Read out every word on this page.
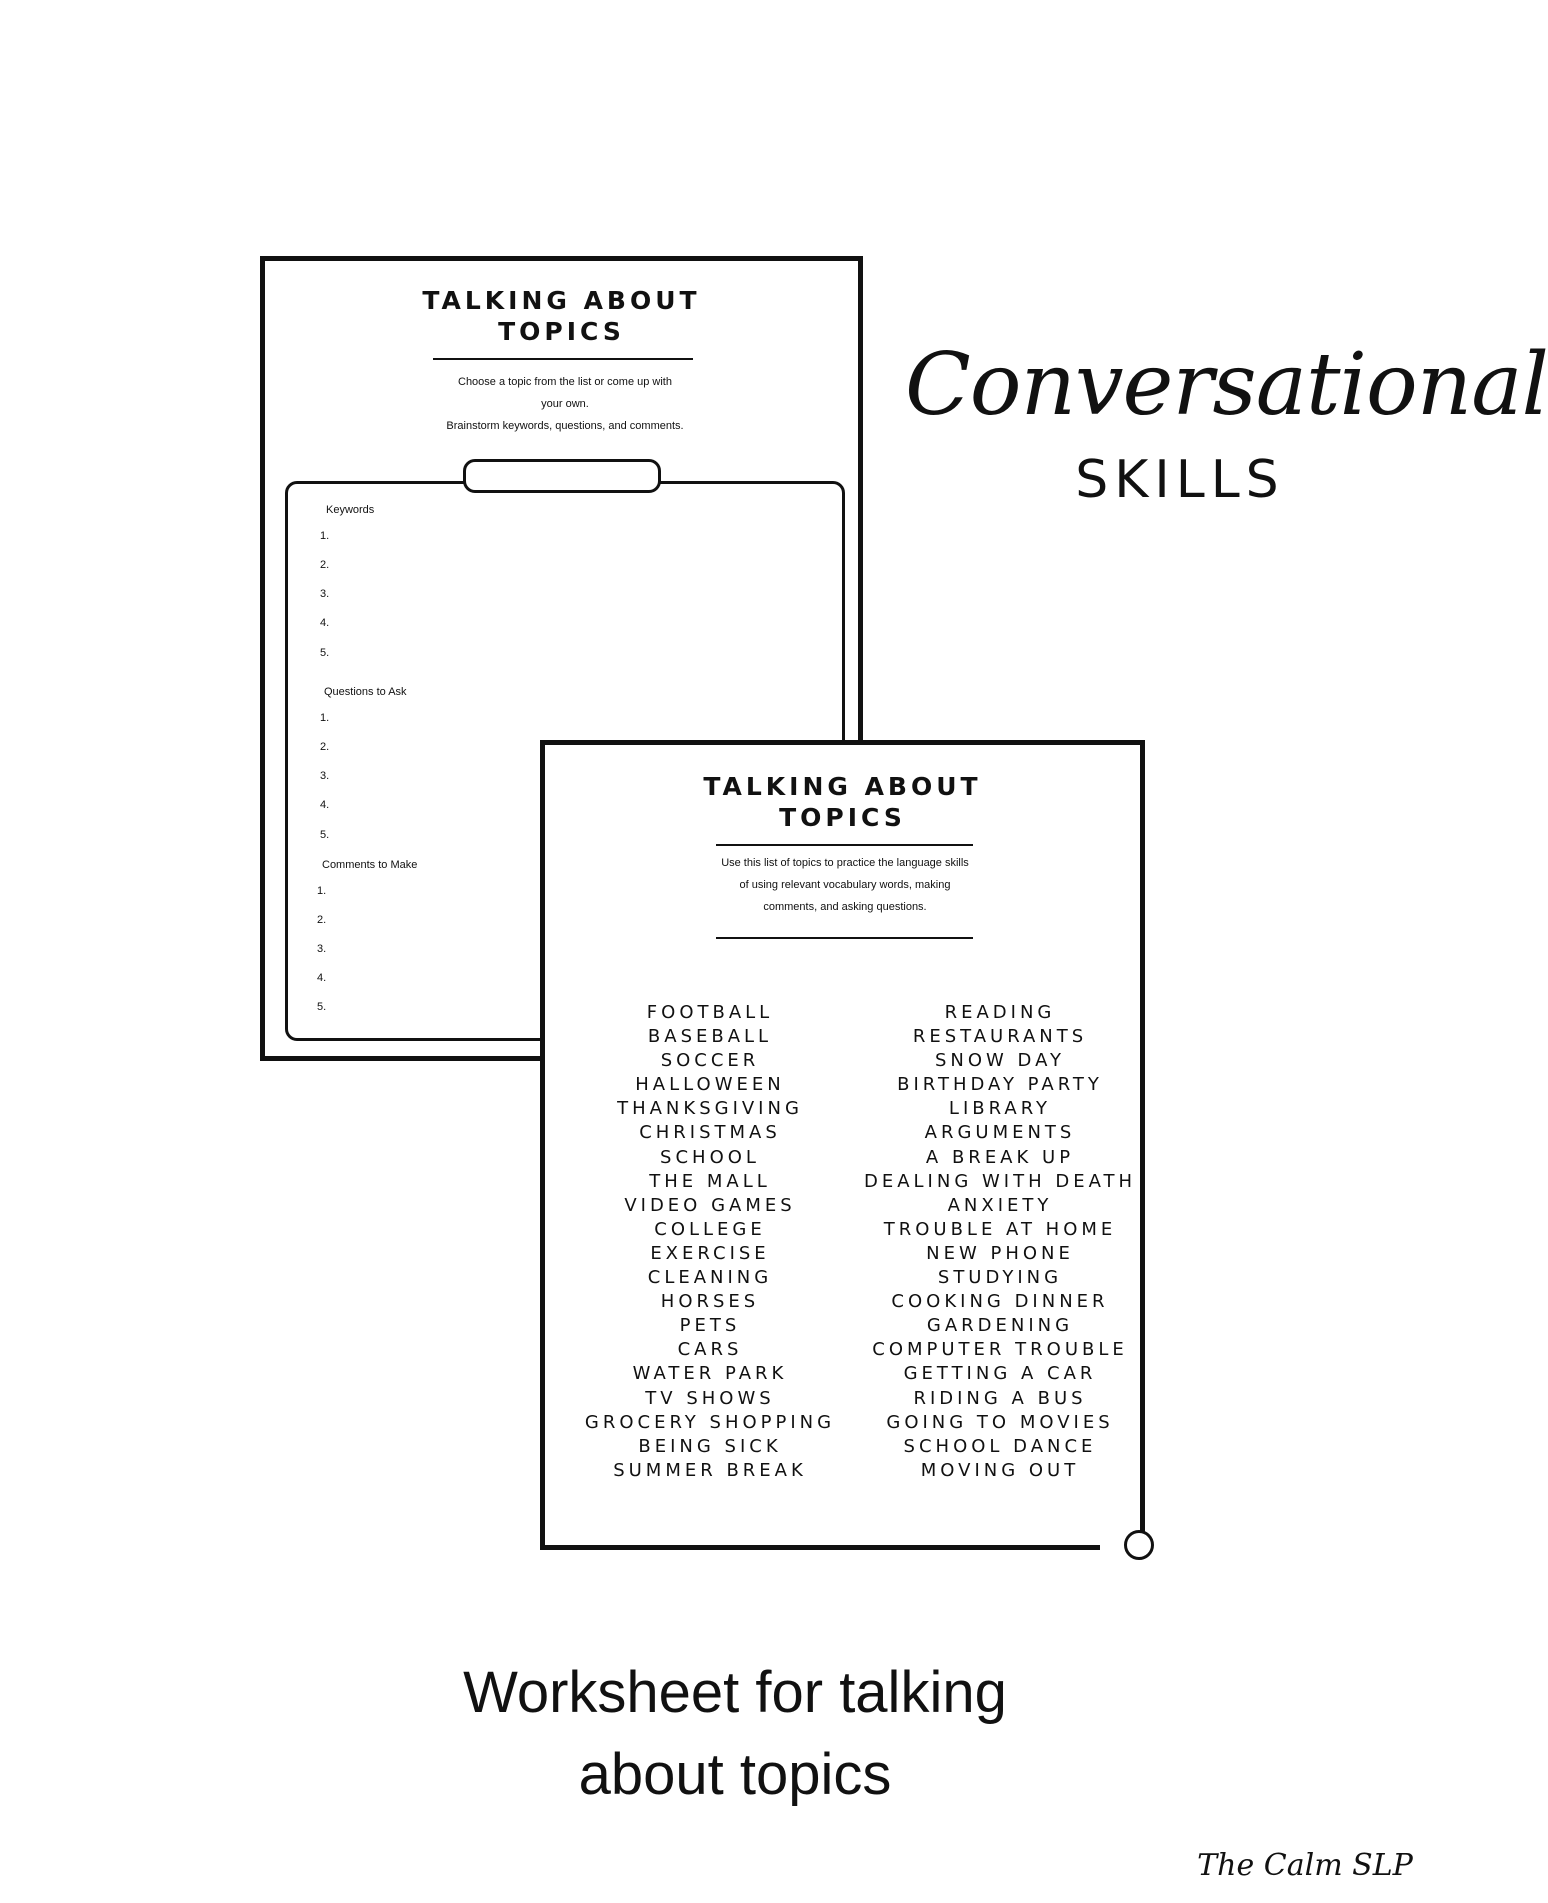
TALKING ABOUT
TOPICS
Choose a topic from the list or come up with
your own.
Brainstorm keywords, questions, and comments.
Keywords
1.
2.
3.
4.
5.
Questions to Ask
1.
2.
3.
4.
5.
Comments to Make
1.
2.
3.
4.
5.
TALKING ABOUT
TOPICS
Use this list of topics to practice the language skills
of using relevant vocabulary words, making
comments, and asking questions.
FOOTBALL
BASEBALL
SOCCER
HALLOWEEN
THANKSGIVING
CHRISTMAS
SCHOOL
THE MALL
VIDEO GAMES
COLLEGE
EXERCISE
CLEANING
HORSES
PETS
CARS
WATER PARK
TV SHOWS
GROCERY SHOPPING
BEING SICK
SUMMER BREAK
READING
RESTAURANTS
SNOW DAY
BIRTHDAY PARTY
LIBRARY
ARGUMENTS
A BREAK UP
DEALING WITH DEATH
ANXIETY
TROUBLE AT HOME
NEW PHONE
STUDYING
COOKING DINNER
GARDENING
COMPUTER TROUBLE
GETTING A CAR
RIDING A BUS
GOING TO MOVIES
SCHOOL DANCE
MOVING OUT
Conversational
SKILLS
Worksheet for talking
about topics
The Calm SLP
